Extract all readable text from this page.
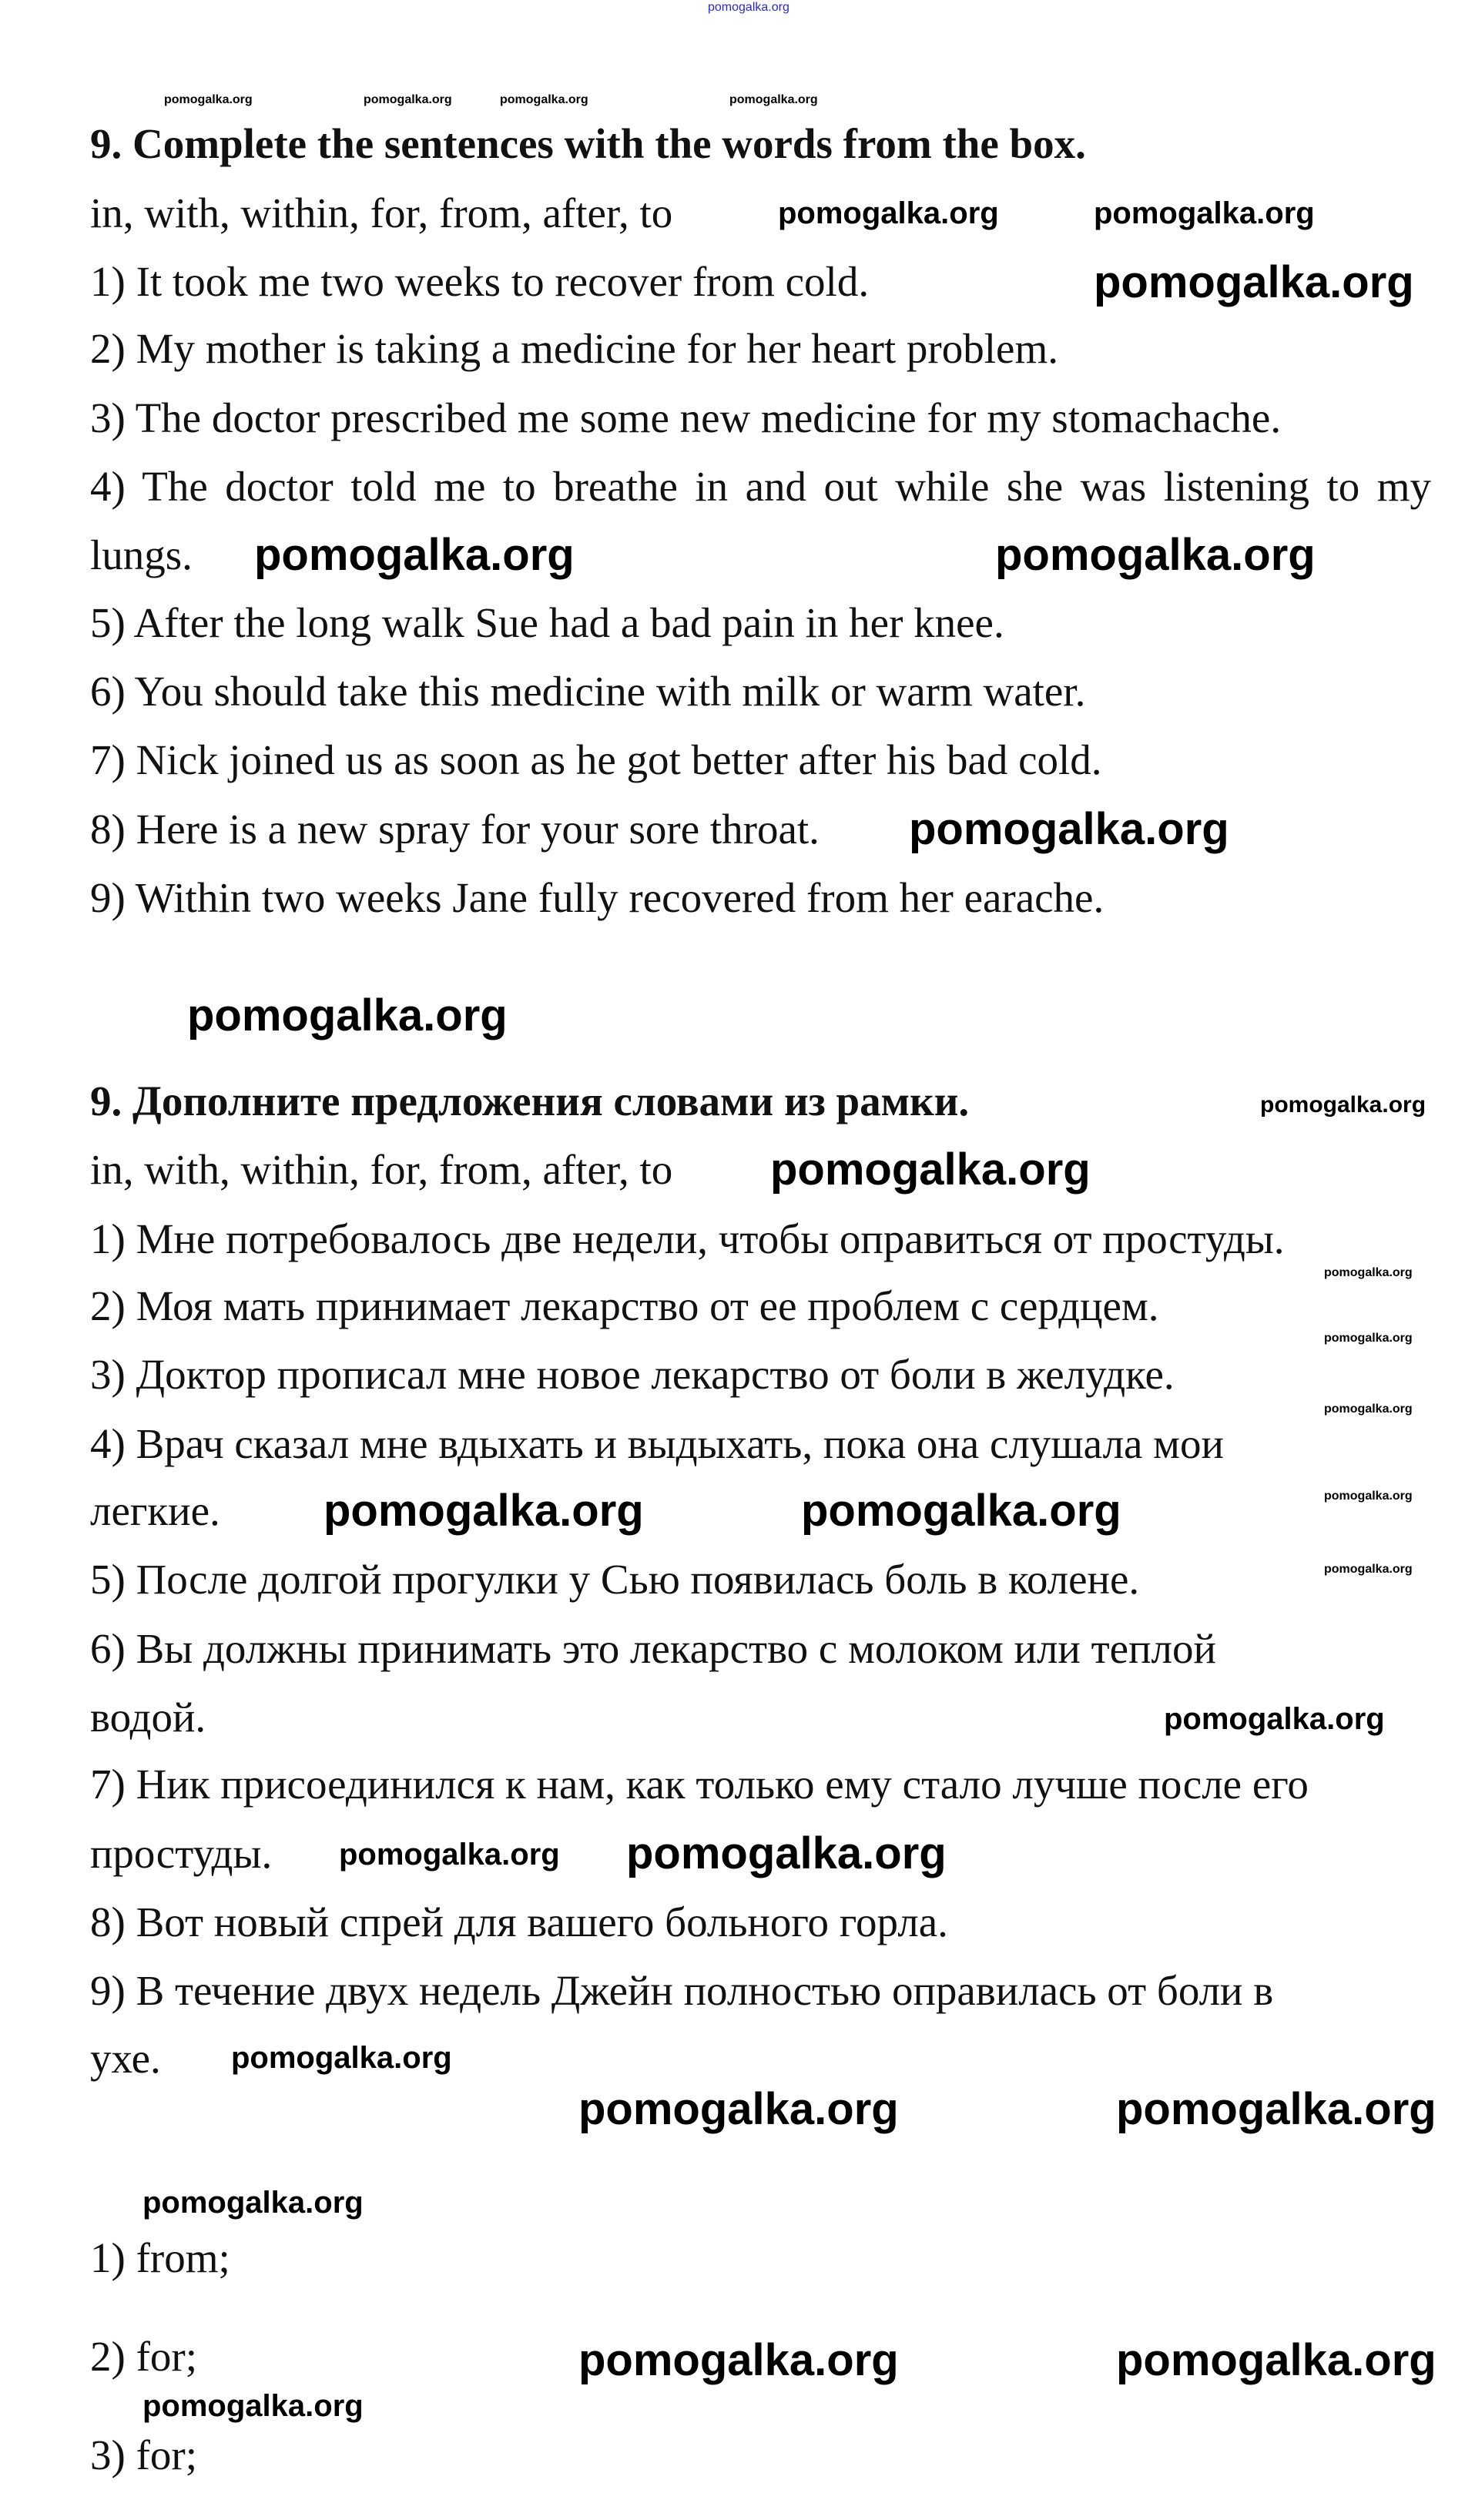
9. Complete the sentences with the words from the box.
in, with, within, for, from, after, to
1) It took me two weeks to recover from cold.
2) My mother is taking a medicine for her heart problem.
3) The doctor prescribed me some new medicine for my stomachache.
4) The doctor told me to breathe in and out while she was listening to my
lungs.
5) After the long walk Sue had a bad pain in her knee.
6) You should take this medicine with milk or warm water.
7) Nick joined us as soon as he got better after his bad cold.
8) Here is a new spray for your sore throat.
9) Within two weeks Jane fully recovered from her earache.
9. Дополните предложения словами из рамки.
in, with, within, for, from, after, to
1) Мне потребовалось две недели, чтобы оправиться от простуды.
2) Моя мать принимает лекарство от ее проблем с сердцем.
3) Доктор прописал мне новое лекарство от боли в желудке.
4) Врач сказал мне вдыхать и выдыхать, пока она слушала мои
легкие.
5) После долгой прогулки у Сью появилась боль в колене.
6) Вы должны принимать это лекарство с молоком или теплой
водой.
7) Ник присоединился к нам, как только ему стало лучше после его
простуды.
8) Вот новый спрей для вашего больного горла.
9) В течение двух недель Джейн полностью оправилась от боли в
ухе.
1) from;
2) for;
3) for;
pomogalka.org
pomogalka.org	pomogalka.org	pomogalka.org	pomogalka.org
pomogalka.org	pomogalka.org
pomogalka.org
pomogalka.org	pomogalka.org
pomogalka.org
pomogalka.org
pomogalka.org
pomogalka.org
pomogalka.org
pomogalka.org
pomogalka.org
pomogalka.org
pomogalka.org
pomogalka.org
pomogalka.org
pomogalka.org
pomogalka.org pomogalka.org
pomogalka.org
pomogalka.org	pomogalka.org
pomogalka.org
pomogalka.org	pomogalka.org
pomogalka.org
